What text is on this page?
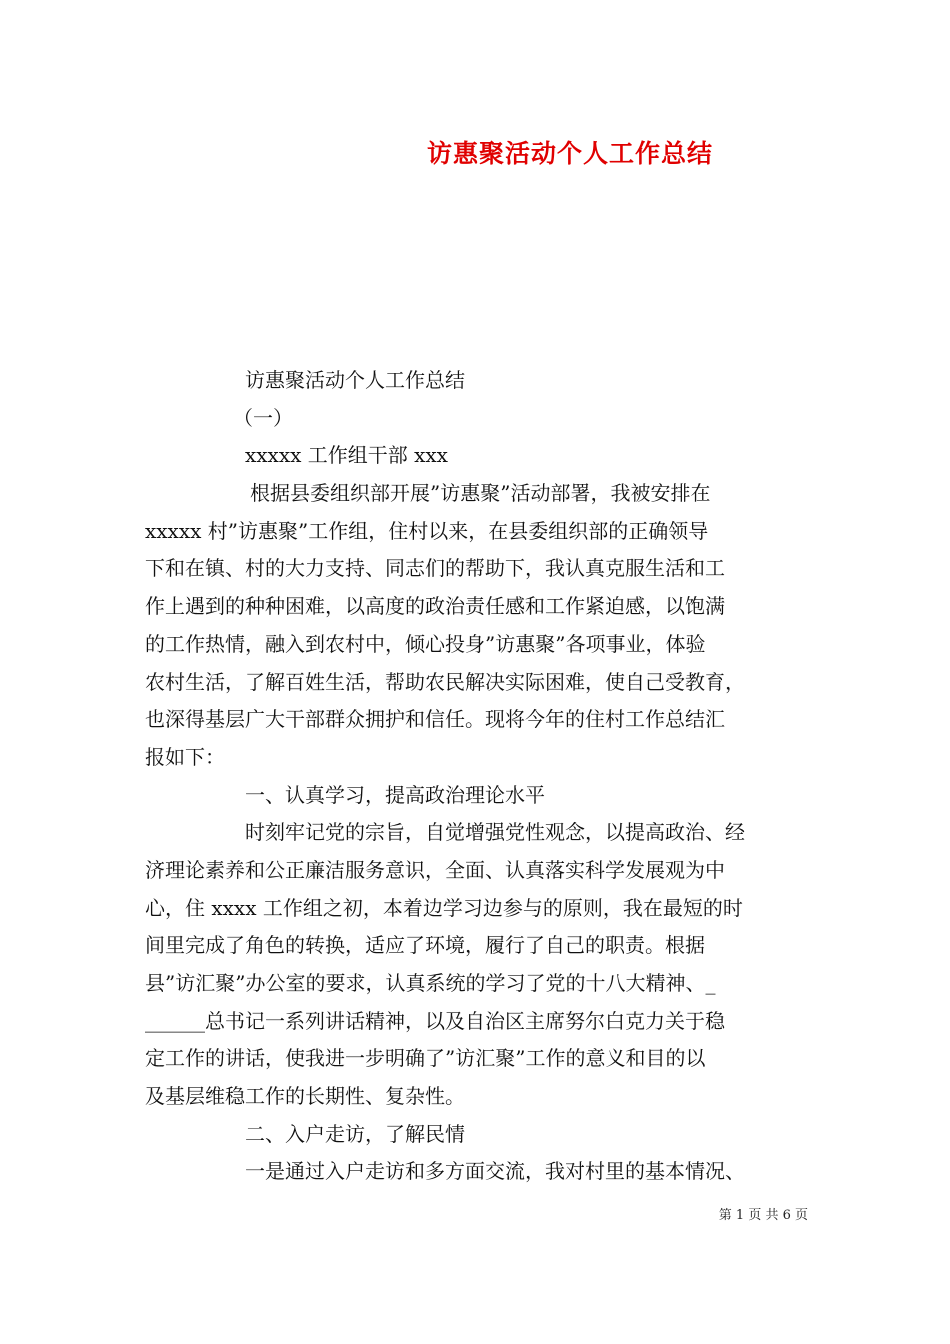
访惠聚活动个人工作总结
访惠聚活动个人工作总结
（一）
xxxxx 工作组干部 xxx
根据县委组织部开展”访惠聚”活动部署，我被安排在
xxxxx 村”访惠聚”工作组，住村以来，在县委组织部的正确领导
下和在镇、村的大力支持、同志们的帮助下，我认真克服生活和工
作上遇到的种种困难，以高度的政治责任感和工作紧迫感，以饱满
的工作热情，融入到农村中，倾心投身”访惠聚”各项事业，体验
农村生活，了解百姓生活，帮助农民解决实际困难，使自己受教育，
也深得基层广大干部群众拥护和信任。现将今年的住村工作总结汇
报如下：
一、认真学习，提高政治理论水平
时刻牢记党的宗旨，自觉增强党性观念，以提高政治、经
济理论素养和公正廉洁服务意识，全面、认真落实科学发展观为中
心，住 xxxx 工作组之初，本着边学习边参与的原则，我在最短的时
间里完成了角色的转换，适应了环境，履行了自己的职责。根据
县”访汇聚”办公室的要求，认真系统的学习了党的十八大精神、_
______总书记一系列讲话精神，以及自治区主席努尔白克力关于稳
定工作的讲话，使我进一步明确了”访汇聚”工作的意义和目的以
及基层维稳工作的长期性、复杂性。
二、入户走访，了解民情
一是通过入户走访和多方面交流，我对村里的基本情况、
第 1 页 共 6 页
